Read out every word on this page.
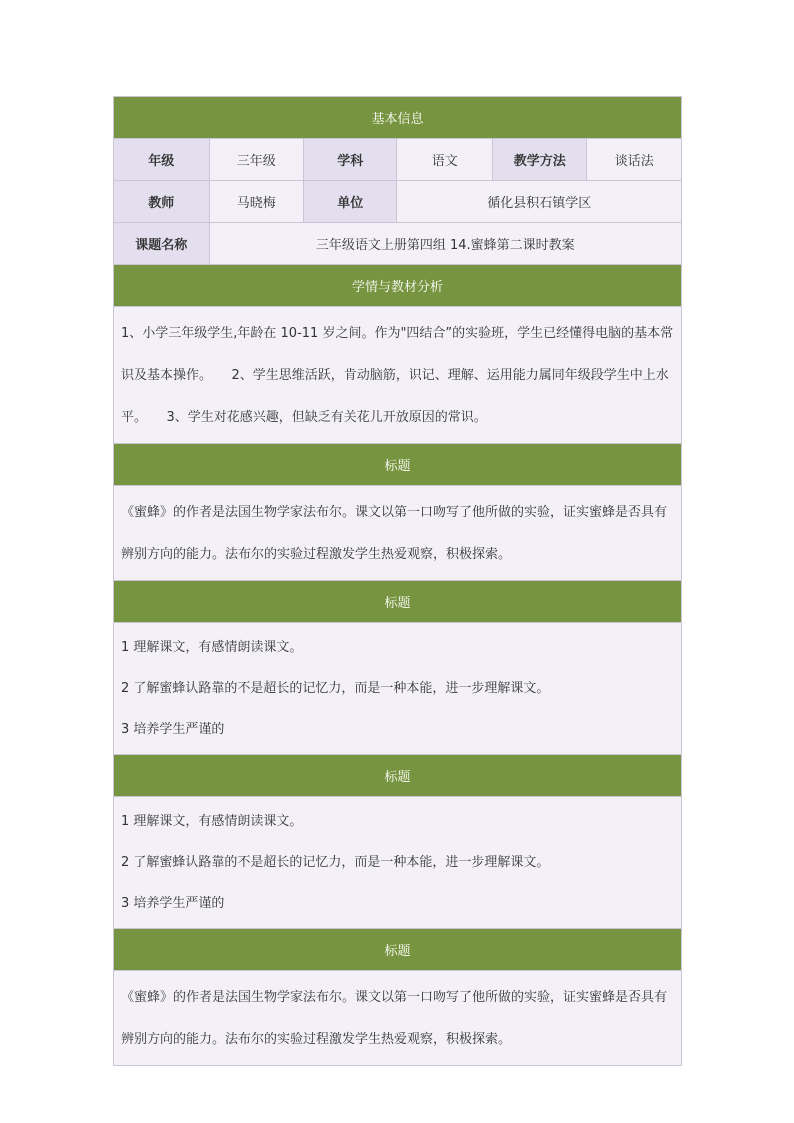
基本信息					
年级	三年级	学科	语文	教学方法	谈话法
教师	马晓梅	单位	循化县积石镇学区		
课题名称	三年级语文上册第四组 14.蜜蜂第二课时教案				
学情与教材分析					

1、小学三年级学生,年龄在 10-11 岁之间。作为"四结合”的实验班，学生已经懂得电脑的基本常识及基本操作。　　2、学生思维活跃，肯动脑筋，识记、理解、运用能力属同年级段学生中上水平。　　3、学生对花感兴趣，但缺乏有关花儿开放原因的常识。					

标题					

《蜜蜂》的作者是法国生物学家法布尔。课文以第一口吻写了他所做的实验，证实蜜蜂是否具有辨别方向的能力。法布尔的实验过程激发学生热爱观察，积极探索。					

标题					

1 理解课文，有感情朗读课文。
2 了解蜜蜂认路靠的不是超长的记忆力，而是一种本能，进一步理解课文。
3 培养学生严谨的					

标题					

1 理解课文，有感情朗读课文。
2 了解蜜蜂认路靠的不是超长的记忆力，而是一种本能，进一步理解课文。
3 培养学生严谨的					

标题					

《蜜蜂》的作者是法国生物学家法布尔。课文以第一口吻写了他所做的实验，证实蜜蜂是否具有辨别方向的能力。法布尔的实验过程激发学生热爱观察，积极探索。					
